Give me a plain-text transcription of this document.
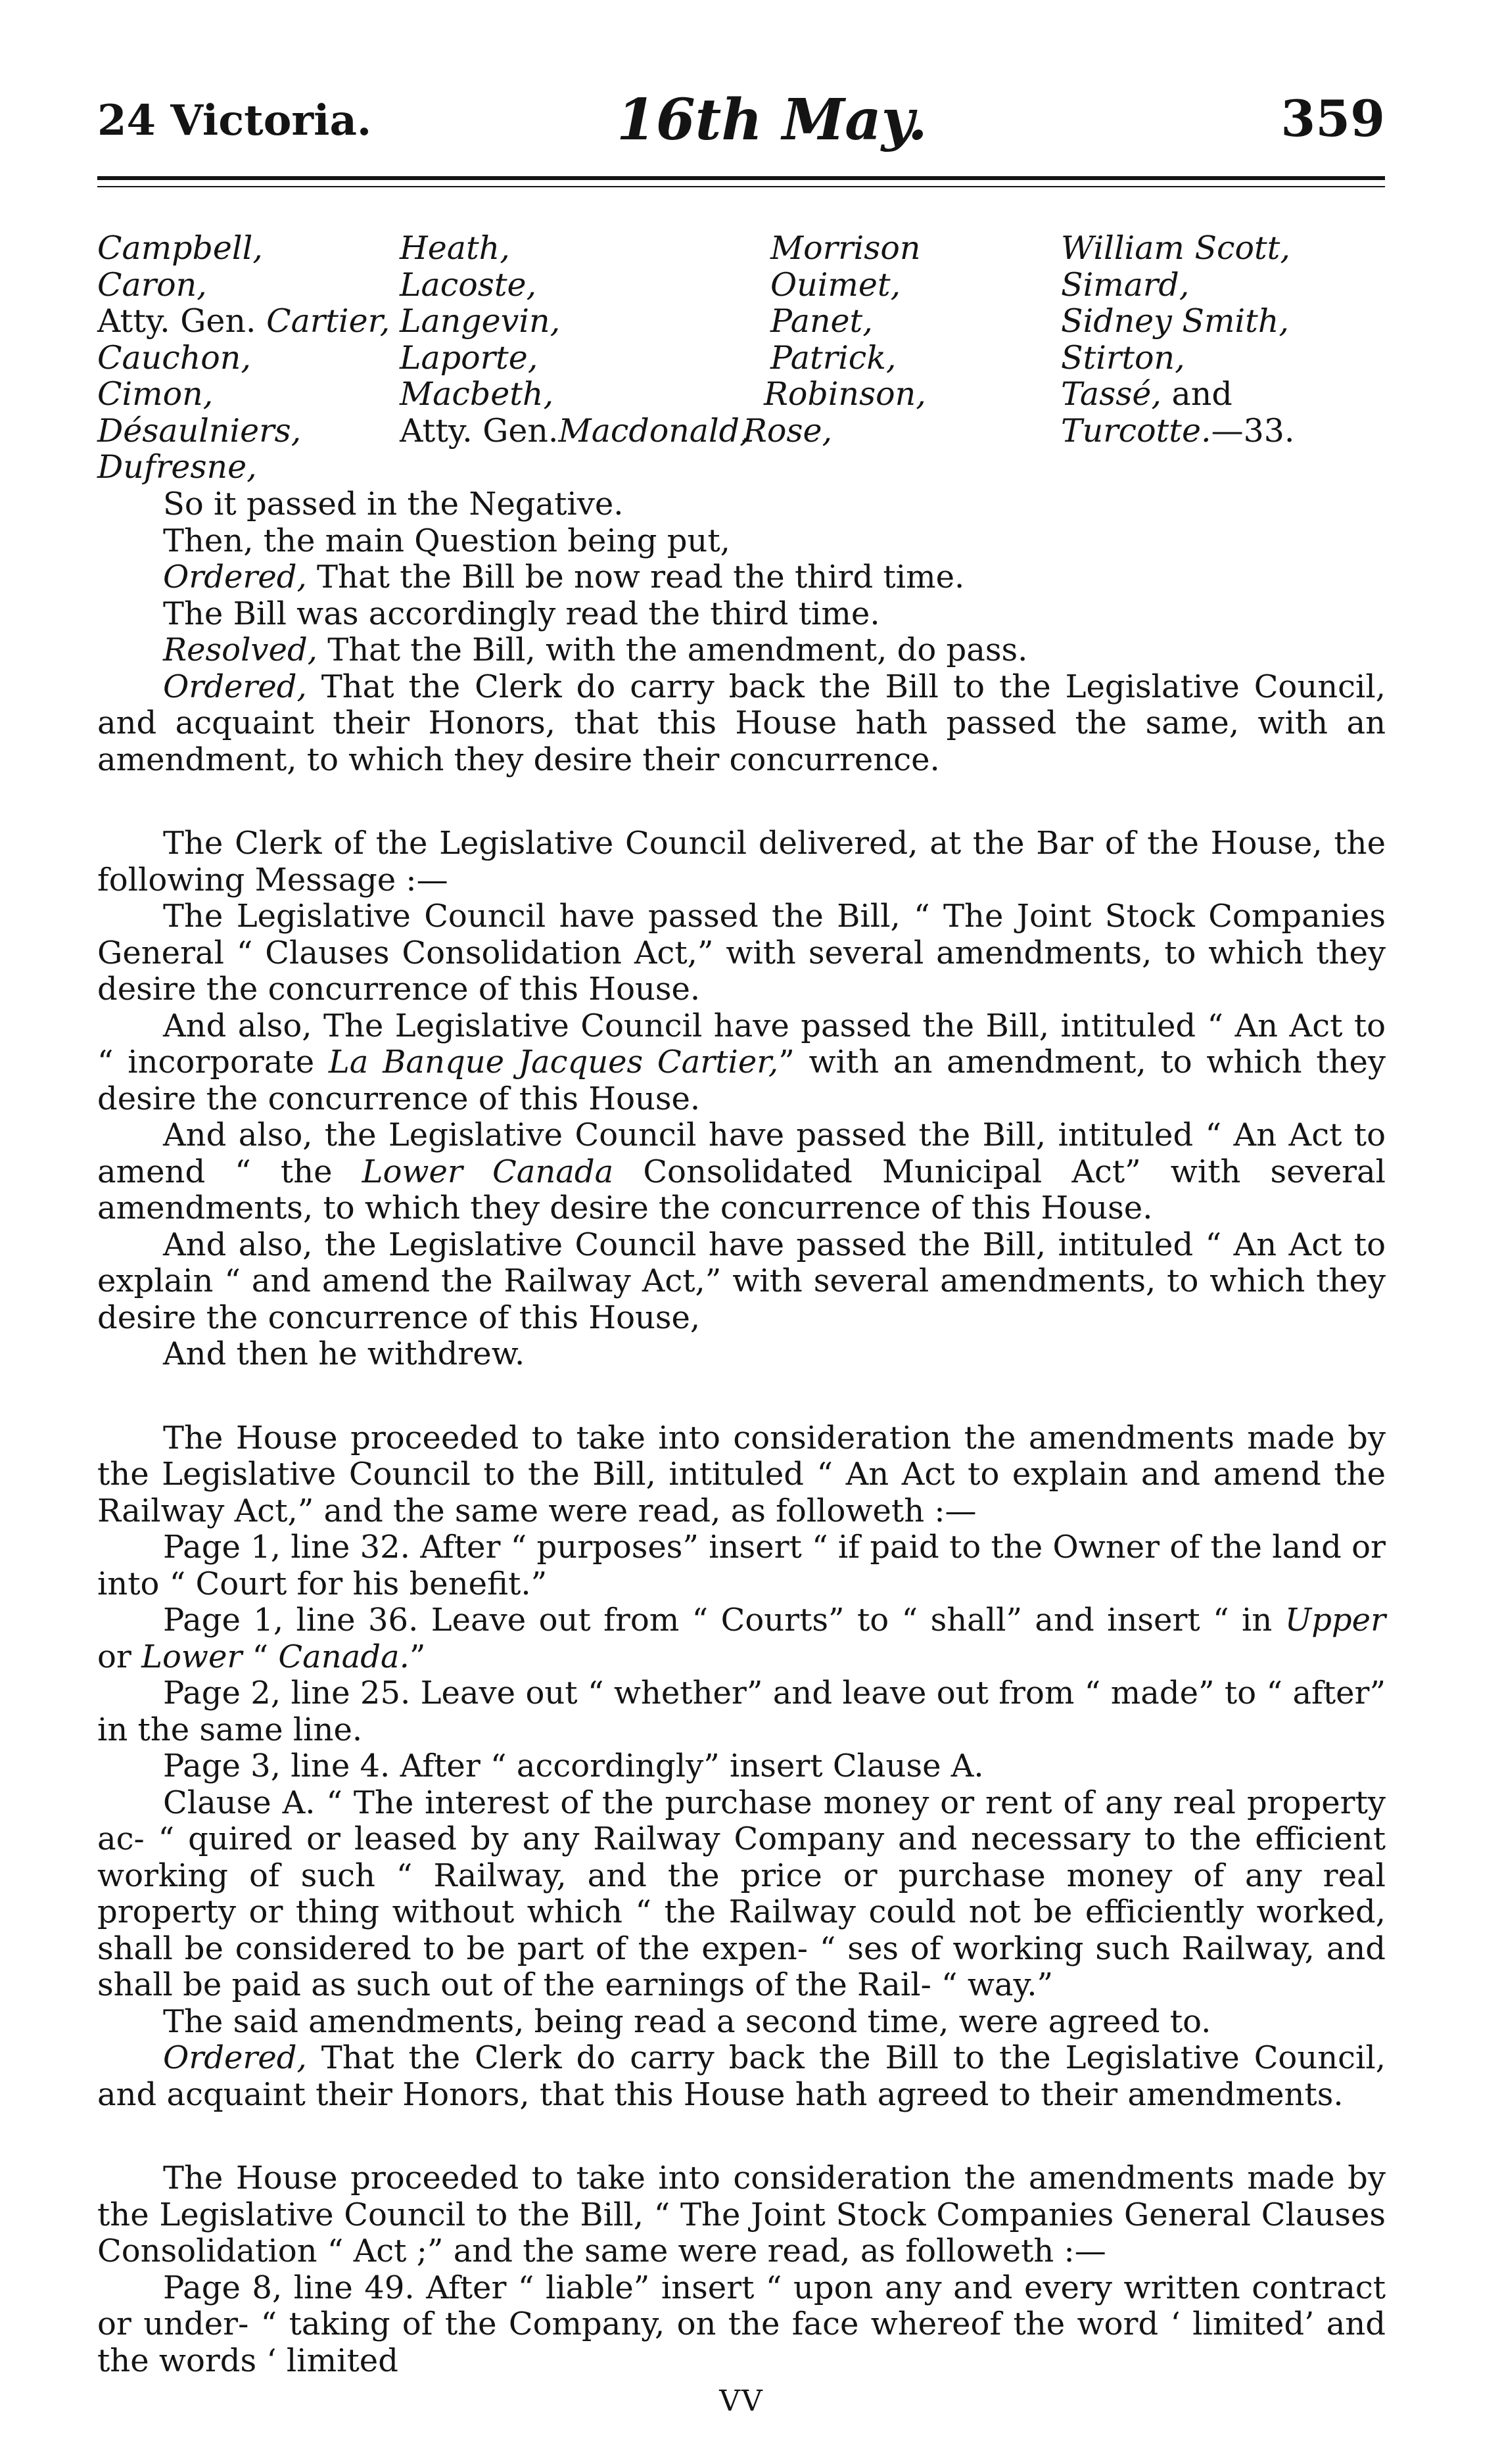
24 Victoria.	16th May.	359
Campbell,
Caron,
Atty. Gen. Cartier,
Cauchon,
Cimon,
Désaulniers,
Dufresne,
Heath,
Lacoste,
Langevin,
Laporte,
Macbeth,
Atty. Gen.Macdonald,
Morrison
Ouimet,
Panet,
Patrick,
Robinson,
Rose,
William Scott,
Simard,
Sidney Smith,
Stirton,
Tassé, and
Turcotte.—33.

So it passed in the Negative.

Then, the main Question being put,

Ordered, That the Bill be now read the third time.

The Bill was accordingly read the third time.

Resolved, That the Bill, with the amendment, do pass.

Ordered, That the Clerk do carry back the Bill to the Legislative Council, and acquaint their Honors, that this House hath passed the same, with an amendment, to which they desire their concurrence.

The Clerk of the Legislative Council delivered, at the Bar of the House, the following Message :—

The Legislative Council have passed the Bill, “ The Joint Stock Companies General “ Clauses Consolidation Act,” with several amendments, to which they desire the concurrence of this House.

And also, The Legislative Council have passed the Bill, intituled “ An Act to “ incorporate La Banque Jacques Cartier,” with an amendment, to which they desire the concurrence of this House.

And also, the Legislative Council have passed the Bill, intituled “ An Act to amend “ the Lower Canada Consolidated Municipal Act” with several amendments, to which they desire the concurrence of this House.

And also, the Legislative Council have passed the Bill, intituled “ An Act to explain “ and amend the Railway Act,” with several amendments, to which they desire the concurrence of this House,

And then he withdrew.

The House proceeded to take into consideration the amendments made by the Legislative Council to the Bill, intituled “ An Act to explain and amend the Railway Act,” and the same were read, as followeth :—

Page 1, line 32. After “ purposes” insert “ if paid to the Owner of the land or into “ Court for his benefit.”

Page 1, line 36. Leave out from “ Courts” to “ shall” and insert “ in Upper or Lower “ Canada.”

Page 2, line 25. Leave out “ whether” and leave out from “ made” to “ after” in the same line.

Page 3, line 4. After “ accordingly” insert Clause A.

Clause A. “ The interest of the purchase money or rent of any real property ac- “ quired or leased by any Railway Company and necessary to the efficient working of such “ Railway, and the price or purchase money of any real property or thing without which “ the Railway could not be efficiently worked, shall be considered to be part of the expen- “ ses of working such Railway, and shall be paid as such out of the earnings of the Rail- “ way.”

The said amendments, being read a second time, were agreed to.

Ordered, That the Clerk do carry back the Bill to the Legislative Council, and acquaint their Honors, that this House hath agreed to their amendments.

The House proceeded to take into consideration the amendments made by the Legislative Council to the Bill, “ The Joint Stock Companies General Clauses Consolidation “ Act ;” and the same were read, as followeth :—

Page 8, line 49. After “ liable” insert “ upon any and every written contract or under- “ taking of the Company, on the face whereof the word ‘ limited’ and the words ‘ limited

VV
